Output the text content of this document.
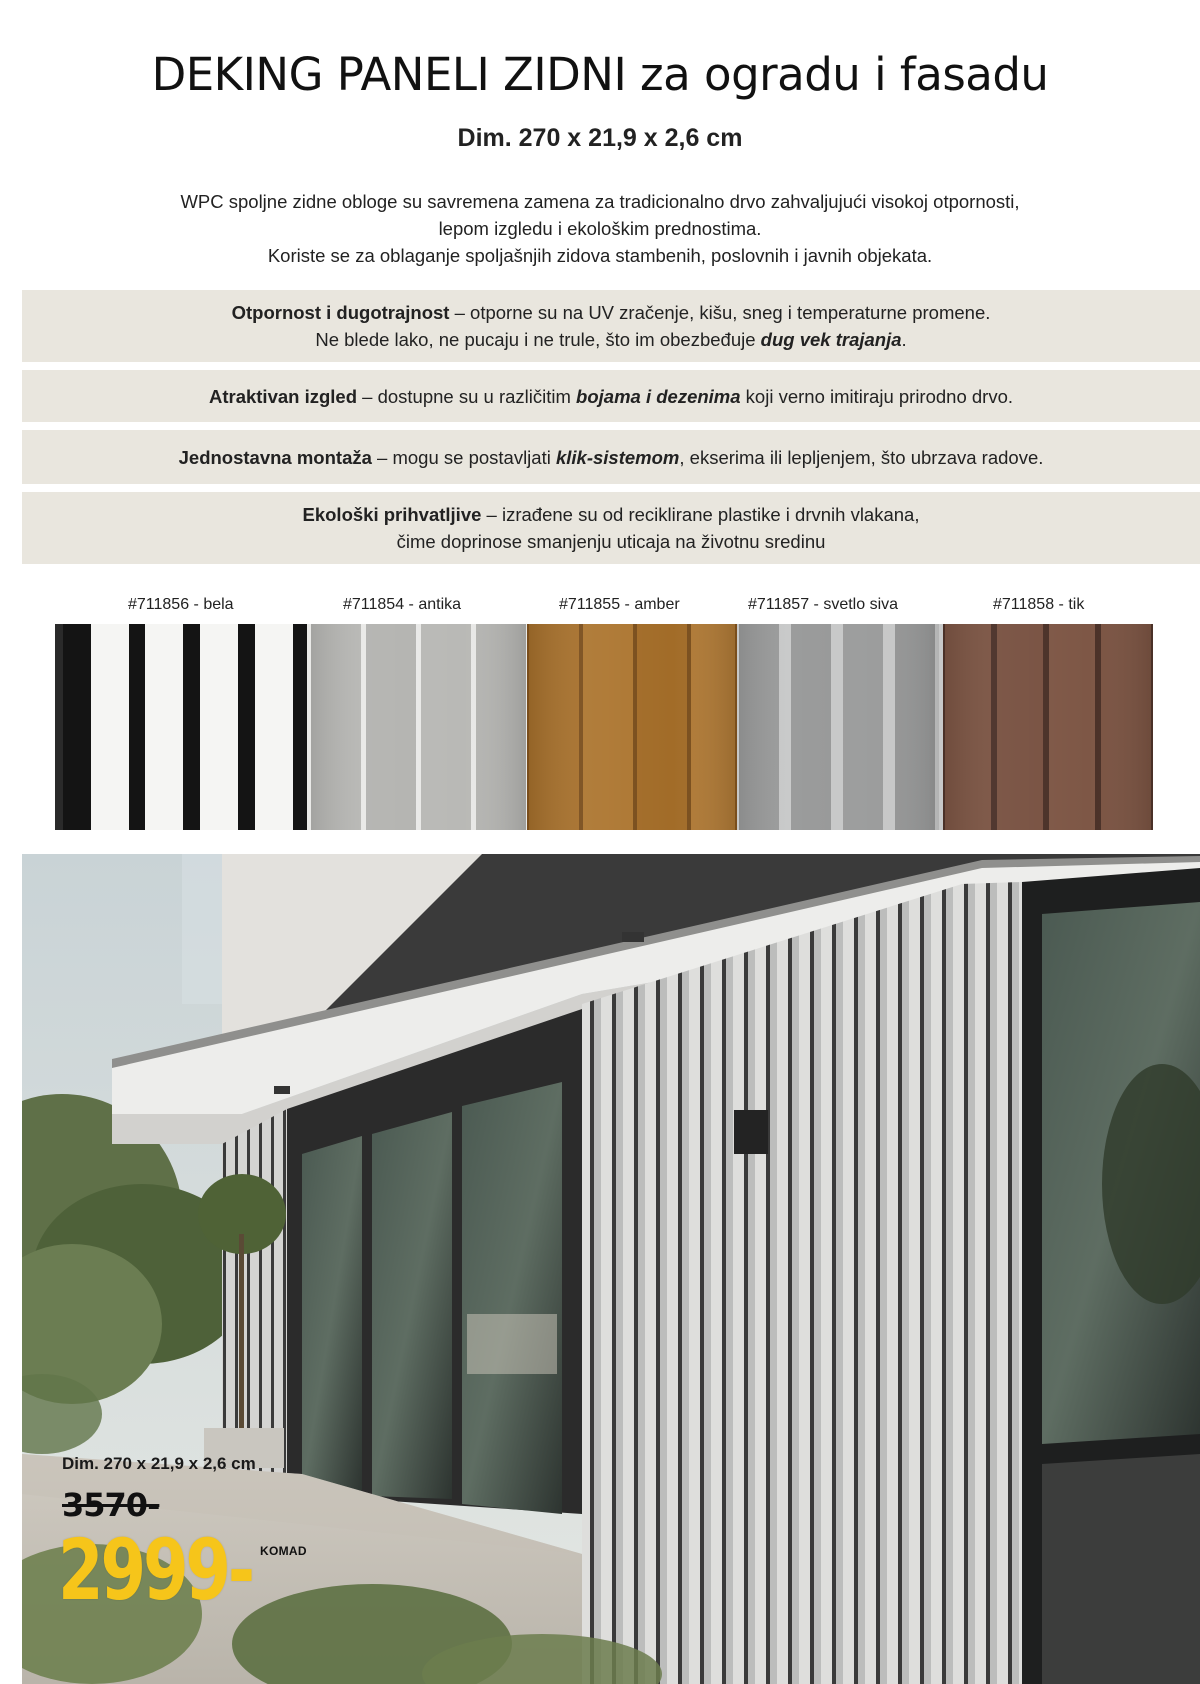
DEKING PANELI ZIDNI za ogradu i fasadu
Dim. 270 x 21,9 x 2,6 cm
WPC spoljne zidne obloge su savremena zamena za tradicionalno drvo zahvaljujući visokoj otpornosti,
lepom izgledu i ekološkim prednostima.
Koriste se za oblaganje spoljašnjih zidova stambenih, poslovnih i javnih objekata.
Otpornost i dugotrajnost – otporne su na UV zračenje, kišu, sneg i temperaturne promene.
Ne blede lako, ne pucaju i ne trule, što im obezbeđuje dug vek trajanja.
Atraktivan izgled – dostupne su u različitim bojama i dezenima koji verno imitiraju prirodno drvo.
Jednostavna montaža – mogu se postavljati klik-sistemom, ekserima ili lepljenjem, što ubrzava radove.
Ekološki prihvatljive – izrađene su od reciklirane plastike i drvnih vlakana,
čime doprinose smanjenju uticaja na životnu sredinu
#711856 - bela	#711854 - antika	#711855 - amber	#711857 - svetlo siva	#711858 - tik
Dim. 270 x 21,9 x 2,6 cm
3570-
2999- KOMAD
